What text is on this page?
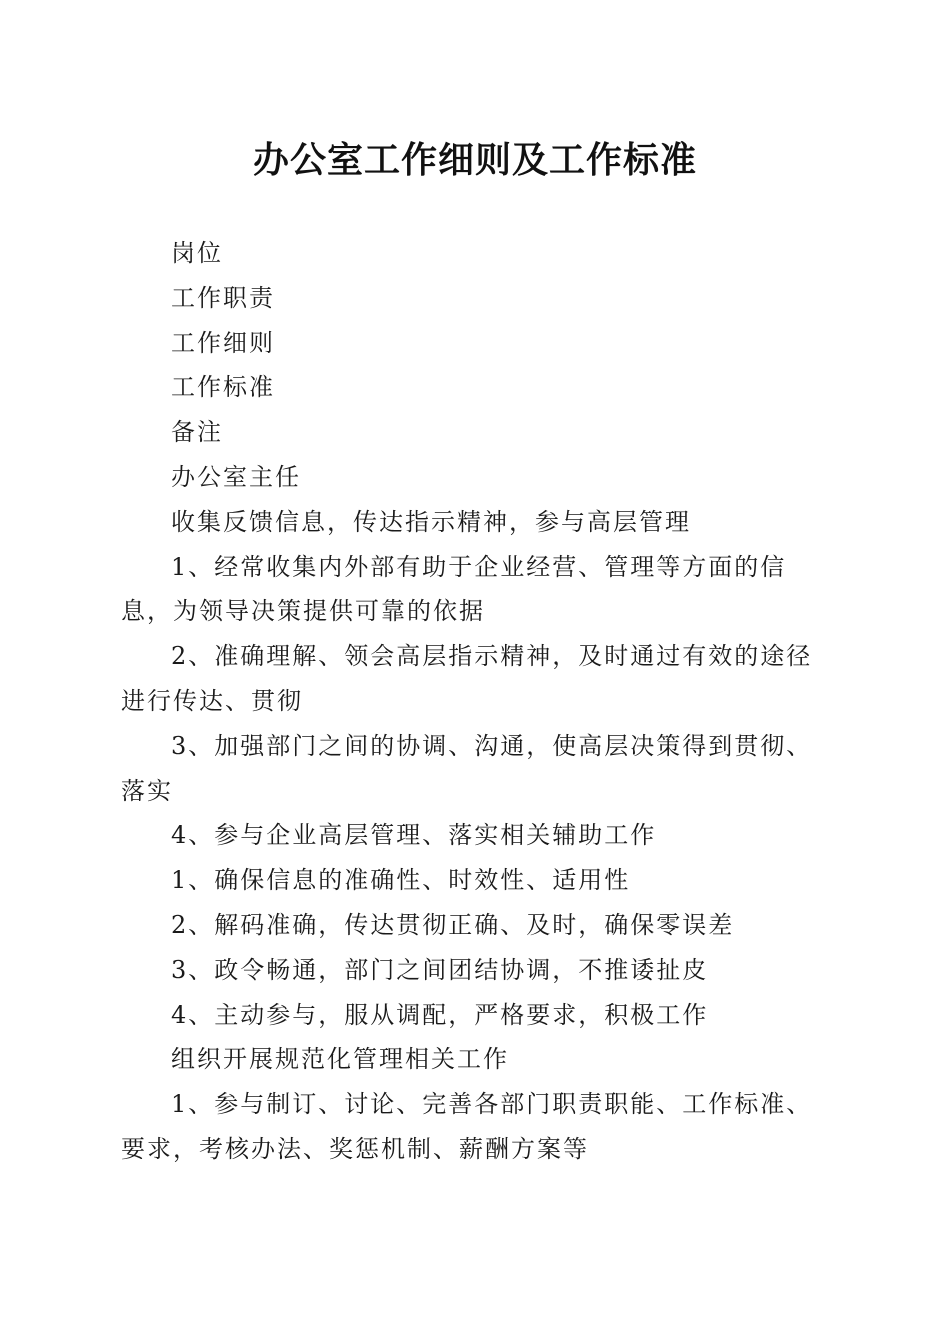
办公室工作细则及工作标准

岗位

工作职责

工作细则

工作标准

备注

办公室主任

收集反馈信息，传达指示精神，参与高层管理

1、经常收集内外部有助于企业经营、管理等方面的信息，为领导决策提供可靠的依据

2、准确理解、领会高层指示精神，及时通过有效的途径进行传达、贯彻

3、加强部门之间的协调、沟通，使高层决策得到贯彻、落实

4、参与企业高层管理、落实相关辅助工作

1、确保信息的准确性、时效性、适用性

2、解码准确，传达贯彻正确、及时，确保零误差

3、政令畅通，部门之间团结协调，不推诿扯皮

4、主动参与，服从调配，严格要求，积极工作

组织开展规范化管理相关工作

1、参与制订、讨论、完善各部门职责职能、工作标准、要求，考核办法、奖惩机制、薪酬方案等
